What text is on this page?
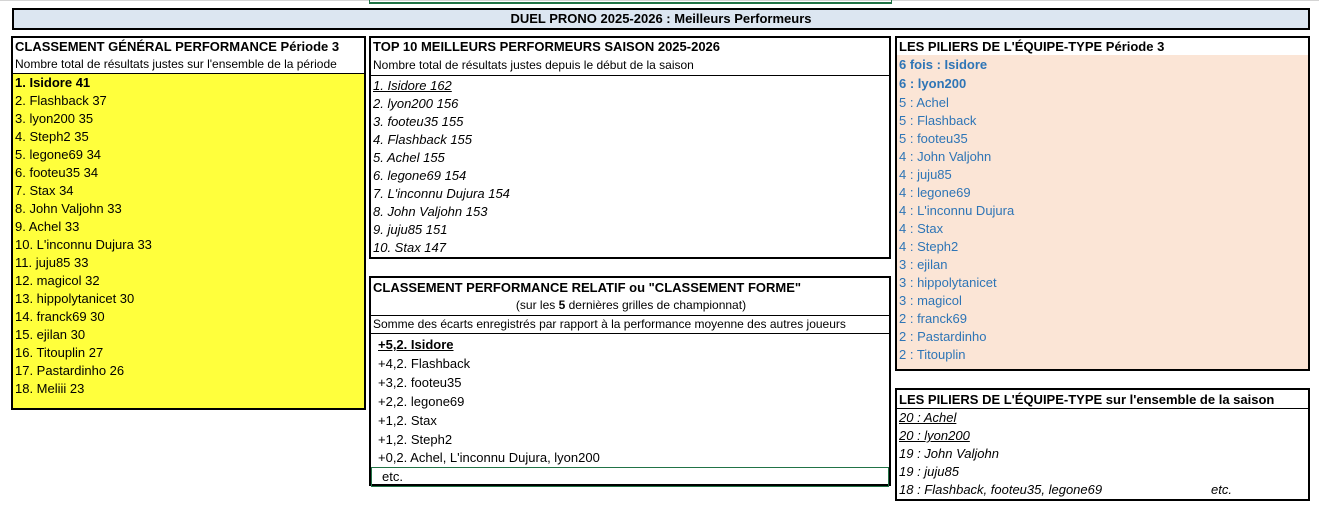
DUEL PRONO 2025-2026 : Meilleurs Performeurs
CLASSEMENT GÉNÉRAL PERFORMANCE Période 3
Nombre total de résultats justes sur l'ensemble de la période
1. Isidore 41
2. Flashback 37
3. lyon200 35
4. Steph2 35
5. legone69 34
6. footeu35 34
7. Stax 34
8. John Valjohn 33
9. Achel 33
10. L'inconnu Dujura 33
11. juju85 33
12. magicol 32
13. hippolytanicet 30
14. franck69 30
15. ejilan 30
16. Titouplin 27
17. Pastardinho 26
18. Meliii 23
TOP 10 MEILLEURS PERFORMEURS SAISON 2025-2026
Nombre total de résultats justes depuis le début de la saison
1. Isidore 162
2. lyon200 156
3. footeu35 155
4. Flashback 155
5. Achel 155
6. legone69 154
7. L'inconnu Dujura 154
8. John Valjohn 153
9. juju85 151
10. Stax 147
CLASSEMENT PERFORMANCE RELATIF ou "CLASSEMENT FORME"
(sur les 5 dernières grilles de championnat)
Somme des écarts enregistrés par rapport à la performance moyenne des autres joueurs
+5,2. Isidore
+4,2. Flashback
+3,2. footeu35
+2,2. legone69
+1,2. Stax
+1,2. Steph2
+0,2. Achel, L'inconnu Dujura, lyon200
etc.
LES PILIERS DE L'ÉQUIPE-TYPE Période 3
6 fois : Isidore
6 : lyon200
5 : Achel
5 : Flashback
5 : footeu35
4 : John Valjohn
4 : juju85
4 : legone69
4 : L'inconnu Dujura
4 : Stax
4 : Steph2
3 : ejilan
3 : hippolytanicet
3 : magicol
2 : franck69
2 : Pastardinho
2 : Titouplin
LES PILIERS DE L'ÉQUIPE-TYPE sur l'ensemble de la saison
20 : Achel
20 : lyon200
19 : John Valjohn
19 : juju85
18 : Flashback, footeu35, legone69	etc.
